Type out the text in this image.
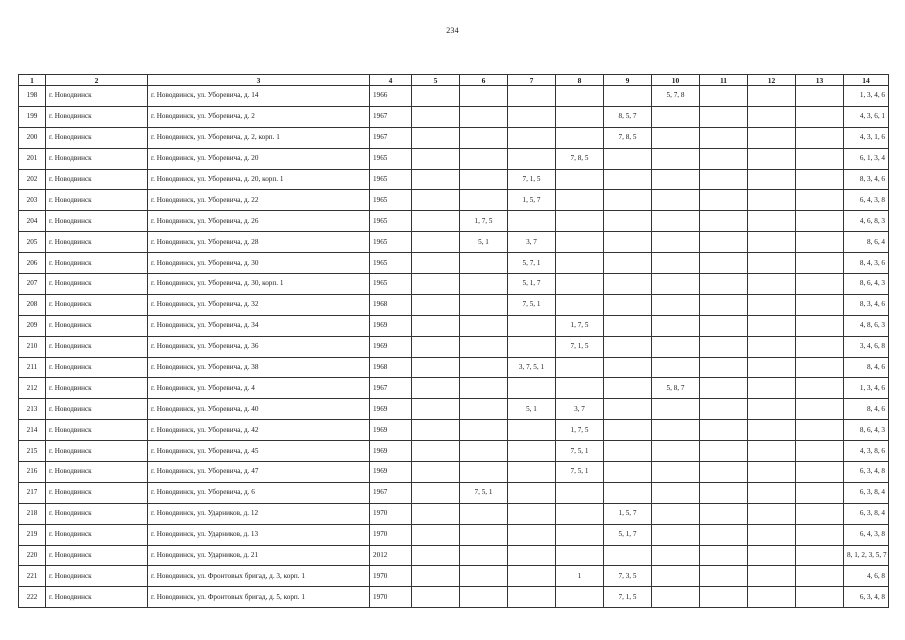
234
1	2	3	4	5	6	7	8	9	10	11	12	13	14
198	г. Новодвинск	г. Новодвинск, ул. Уборевича, д. 14	1966						5, 7, 8				1, 3, 4, 6
199	г. Новодвинск	г. Новодвинск, ул. Уборевича, д. 2	1967					8, 5, 7					4, 3, 6, 1
200	г. Новодвинск	г. Новодвинск, ул. Уборевича, д. 2, корп. 1	1967					7, 8, 5					4, 3, 1, 6
201	г. Новодвинск	г. Новодвинск, ул. Уборевича, д. 20	1965				7, 8, 5						6, 1, 3, 4
202	г. Новодвинск	г. Новодвинск, ул. Уборевича, д. 20, корп. 1	1965			7, 1, 5							8, 3, 4, 6
203	г. Новодвинск	г. Новодвинск, ул. Уборевича, д. 22	1965			1, 5, 7							6, 4, 3, 8
204	г. Новодвинск	г. Новодвинск, ул. Уборевича, д. 26	1965		1, 7, 5								4, 6, 8, 3
205	г. Новодвинск	г. Новодвинск, ул. Уборевича, д. 28	1965		5, 1	3, 7							8, 6, 4
206	г. Новодвинск	г. Новодвинск, ул. Уборевича, д. 30	1965			5, 7, 1							8, 4, 3, 6
207	г. Новодвинск	г. Новодвинск, ул. Уборевича, д. 30, корп. 1	1965			5, 1, 7							8, 6, 4, 3
208	г. Новодвинск	г. Новодвинск, ул. Уборевича, д. 32	1968			7, 5, 1							8, 3, 4, 6
209	г. Новодвинск	г. Новодвинск, ул. Уборевича, д. 34	1969				1, 7, 5						4, 8, 6, 3
210	г. Новодвинск	г. Новодвинск, ул. Уборевича, д. 36	1969				7, 1, 5						3, 4, 6, 8
211	г. Новодвинск	г. Новодвинск, ул. Уборевича, д. 38	1968			3, 7, 5, 1							8, 4, 6
212	г. Новодвинск	г. Новодвинск, ул. Уборевича, д. 4	1967						5, 8, 7				1, 3, 4, 6
213	г. Новодвинск	г. Новодвинск, ул. Уборевича, д. 40	1969			5, 1	3, 7						8, 4, 6
214	г. Новодвинск	г. Новодвинск, ул. Уборевича, д. 42	1969				1, 7, 5						8, 6, 4, 3
215	г. Новодвинск	г. Новодвинск, ул. Уборевича, д. 45	1969				7, 5, 1						4, 3, 8, 6
216	г. Новодвинск	г. Новодвинск, ул. Уборевича, д. 47	1969				7, 5, 1						6, 3, 4, 8
217	г. Новодвинск	г. Новодвинск, ул. Уборевича, д. 6	1967		7, 5, 1								6, 3, 8, 4
218	г. Новодвинск	г. Новодвинск, ул. Ударников, д. 12	1970					1, 5, 7					6, 3, 8, 4
219	г. Новодвинск	г. Новодвинск, ул. Ударников, д. 13	1970					5, 1, 7					6, 4, 3, 8
220	г. Новодвинск	г. Новодвинск, ул. Ударников, д. 21	2012										8, 1, 2, 3, 5, 7
221	г. Новодвинск	г. Новодвинск, ул. Фронтовых бригад, д. 3, корп. 1	1970				1	7, 3, 5					4, 6, 8
222	г. Новодвинск	г. Новодвинск, ул. Фронтовых бригад, д. 5, корп. 1	1970					7, 1, 5					6, 3, 4, 8
